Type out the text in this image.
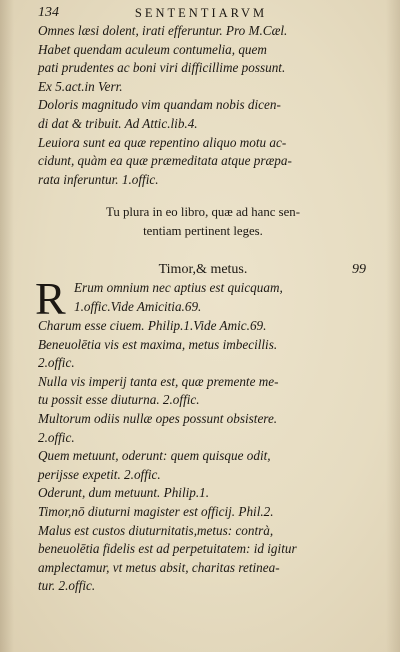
134	SENTENTIARVM
Omnes læsi dolent, irati efferuntur. Pro M.Cæl.
Habet quendam aculeum contumelia, quem
pati prudentes ac boni viri difficillime possunt.
Ex 5.act.in Verr.
Doloris magnitudo vim quandam nobis dicen-
di dat & tribuit. Ad Attic.lib.4.
Leuiora sunt ea quæ repentino aliquo motu ac-
cidunt, quàm ea quæ præmeditata atque præpa-
rata inferuntur. 1.offic.
Tu plura in eo libro, quæ ad hanc sen-
tentiam pertinent leges.
Timor,& metus.	99
R Erum omnium nec aptius est quicquam,
1.offic.Vide Amicitia.69.
Charum esse ciuem. Philip.1.Vide Amic.69.
Beneuolētia vis est maxima, metus imbecillis.
2.offic.
Nulla vis imperij tanta est, quæ premente me-
tu possit esse diuturna. 2.offic.
Multorum odiis nullæ opes possunt obsistere.
2.offic.
Quem metuunt, oderunt: quem quisque odit,
perijsse expetit. 2.offic.
Oderunt, dum metuunt. Philip.1.
Timor,nō diuturni magister est officij. Phil.2.
Malus est custos diuturnitatis,metus: contrà,
beneuolētia fidelis est ad perpetuitatem: id igitur
amplectamur, vt metus absit, charitas retinea-
tur. 2.offic.
